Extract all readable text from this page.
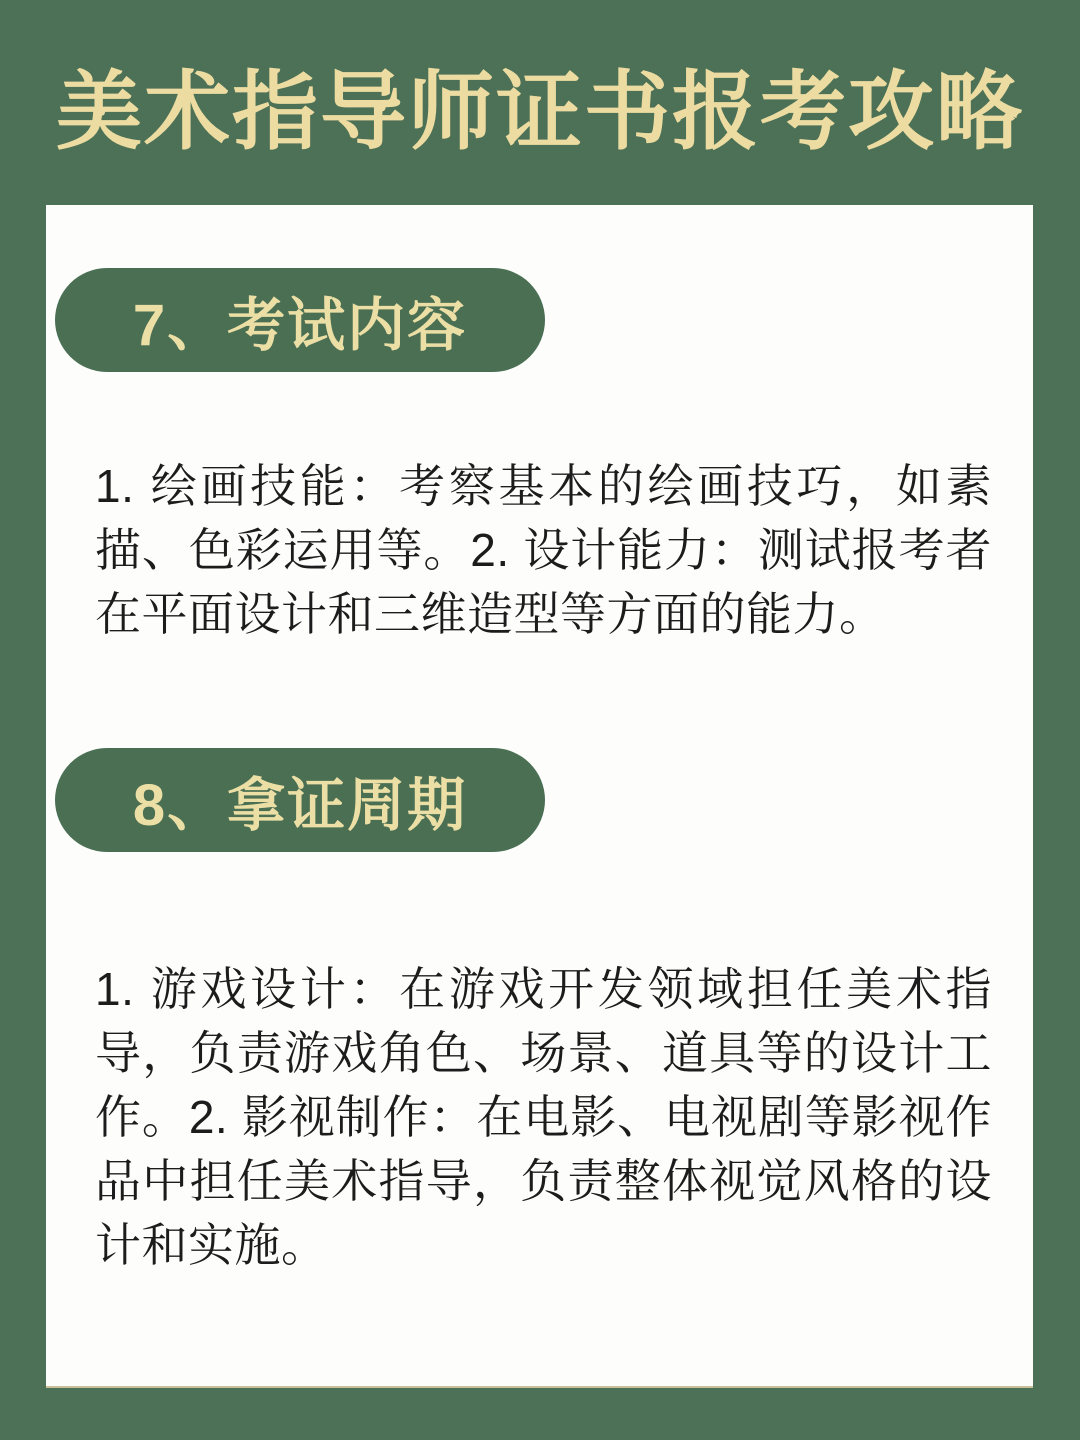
美术指导师证书报考攻略
7、考试内容

1. 绘画技能：考察基本的绘画技巧，如素描、色彩运用等。2. 设计能力：测试报考者在平面设计和三维造型等方面的能力。

8、拿证周期

1. 游戏设计：在游戏开发领域担任美术指导，负责游戏角色、场景、道具等的设计工作。2. 影视制作：在电影、电视剧等影视作品中担任美术指导，负责整体视觉风格的设计和实施。
